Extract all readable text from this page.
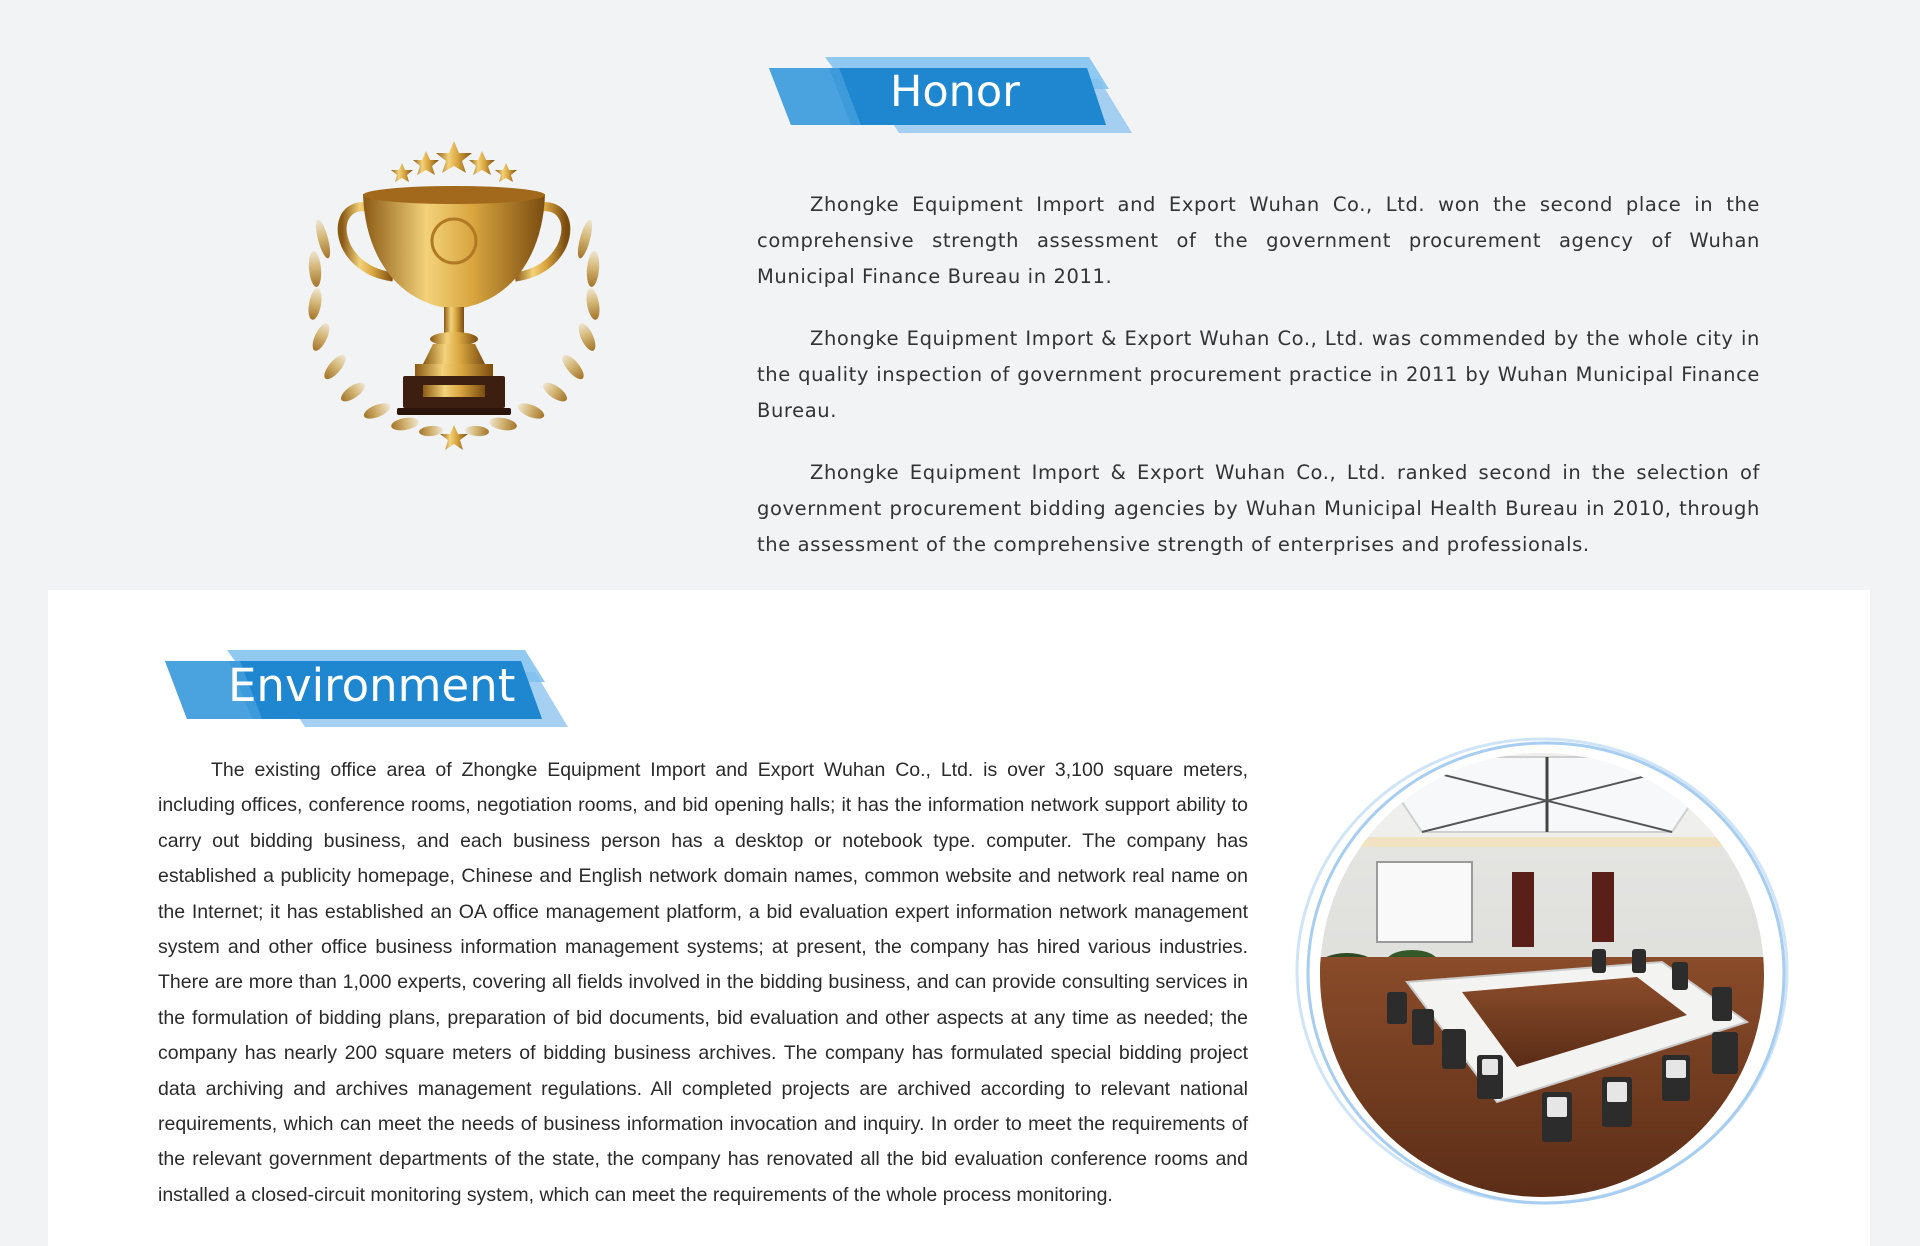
Honor

Zhongke Equipment Import and Export Wuhan Co., Ltd. won the second place in the comprehensive strength assessment of the government procurement agency of Wuhan Municipal Finance Bureau in 2011.

Zhongke Equipment Import & Export Wuhan Co., Ltd. was commended by the whole city in the quality inspection of government procurement practice in 2011 by Wuhan Municipal Finance Bureau.

Zhongke Equipment Import & Export Wuhan Co., Ltd. ranked second in the selection of government procurement bidding agencies by Wuhan Municipal Health Bureau in 2010, through the assessment of the comprehensive strength of enterprises and professionals.

Environment

The existing office area of Zhongke Equipment Import and Export Wuhan Co., Ltd. is over 3,100 square meters, including offices, conference rooms, negotiation rooms, and bid opening halls; it has the information network support ability to carry out bidding business, and each business person has a desktop or notebook type. computer. The company has established a publicity homepage, Chinese and English network domain names, common website and network real name on the Internet; it has established an OA office management platform, a bid evaluation expert information network management system and other office business information management systems; at present, the company has hired various industries. There are more than 1,000 experts, covering all fields involved in the bidding business, and can provide consulting services in the formulation of bidding plans, preparation of bid documents, bid evaluation and other aspects at any time as needed; the company has nearly 200 square meters of bidding business archives. The company has formulated special bidding project data archiving and archives management regulations. All completed projects are archived according to relevant national requirements, which can meet the needs of business information invocation and inquiry. In order to meet the requirements of the relevant government departments of the state, the company has renovated all the bid evaluation conference rooms and installed a closed-circuit monitoring system, which can meet the requirements of the whole process monitoring.
